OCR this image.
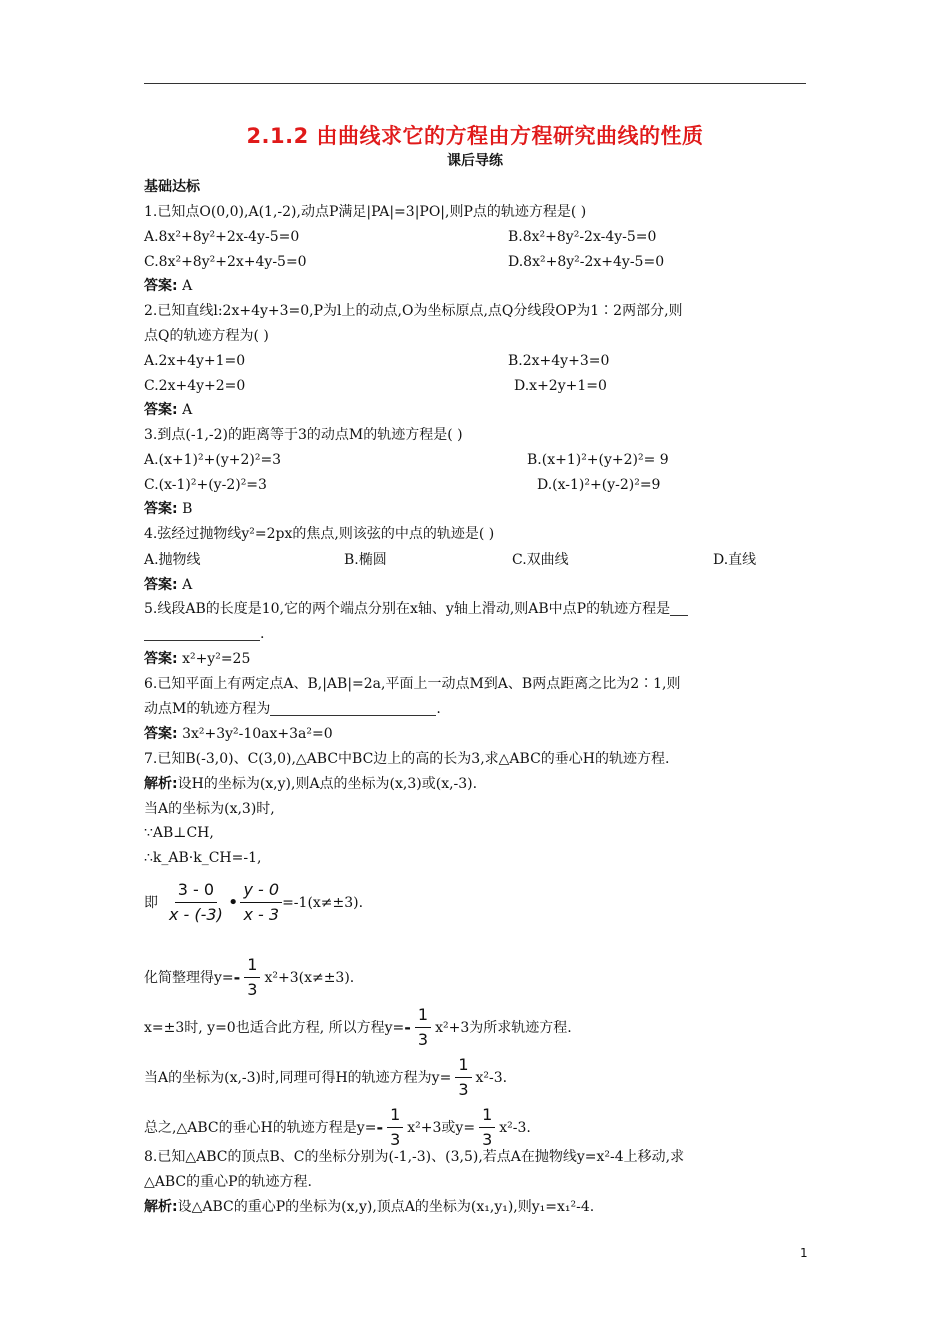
2.1.2 由曲线求它的方程由方程研究曲线的性质
课后导练
基础达标
1.已知点O(0,0),A(1,-2),动点P满足|PA|=3|PO|,则P点的轨迹方程是( )
A.8x²+8y²+2x-4y-5=0	B.8x²+8y²-2x-4y-5=0
C.8x²+8y²+2x+4y-5=0	D.8x²+8y²-2x+4y-5=0
答案: A
2.已知直线l:2x+4y+3=0,P为l上的动点,O为坐标原点,点Q分线段OP为1∶2两部分,则
点Q的轨迹方程为( )
A.2x+4y+1=0	B.2x+4y+3=0
C.2x+4y+2=0	D.x+2y+1=0
答案: A
3.到点(-1,-2)的距离等于3的动点M的轨迹方程是( )
A.(x+1)²+(y+2)²=3	B.(x+1)²+(y+2)²= 9
C.(x-1)²+(y-2)²=3	D.(x-1)²+(y-2)²=9
答案: B
4.弦经过抛物线y²=2px的焦点,则该弦的中点的轨迹是( )
A.抛物线	B.椭圆	C.双曲线	D.直线
答案: A
5.线段AB的长度是10,它的两个端点分别在x轴、y轴上滑动,则AB中点P的轨迹方程是
.
答案: x²+y²=25
6.已知平面上有两定点A、B,|AB|=2a,平面上一动点M到A、B两点距离之比为2∶1,则
动点M的轨迹方程为	.
答案: 3x²+3y²-10ax+3a²=0
7.已知B(-3,0)、C(3,0),△ABC中BC边上的高的长为3,求△ABC的垂心H的轨迹方程.
解析:设H的坐标为(x,y),则A点的坐标为(x,3)或(x,-3).
当A的坐标为(x,3)时,
∵AB⊥CH,
∴k_AB·k_CH=-1,
即 $\frac{3 - 0}{x - (-3)}$ • $\frac{y - 0}{x - 3} =-1(x\ne\pm 3)$.
化简整理得$y= - \frac{1}{3} x^2+3(x\ne\pm 3)$.
x=±3时, y=0也适合此方程, 所以方程$y= - \frac{1}{3} x^2+3$为所求轨迹方程.
当A的坐标为(x,-3)时,同理可得H的轨迹方程为$y= \frac{1}{3} x^2-3$.
总之,△ABC的垂心H的轨迹方程是$y= - \frac{1}{3} x^2+3$或$y= \frac{1}{3} x^2-3$.
8.已知△ABC的顶点B、C的坐标分别为(-1,-3)、(3,5),若点A在抛物线y=x²-4上移动,求
△ABC的重心P的轨迹方程.
解析:设△ABC的重心P的坐标为(x,y),顶点A的坐标为(x₁,y₁),则y₁=x₁²-4.
1
